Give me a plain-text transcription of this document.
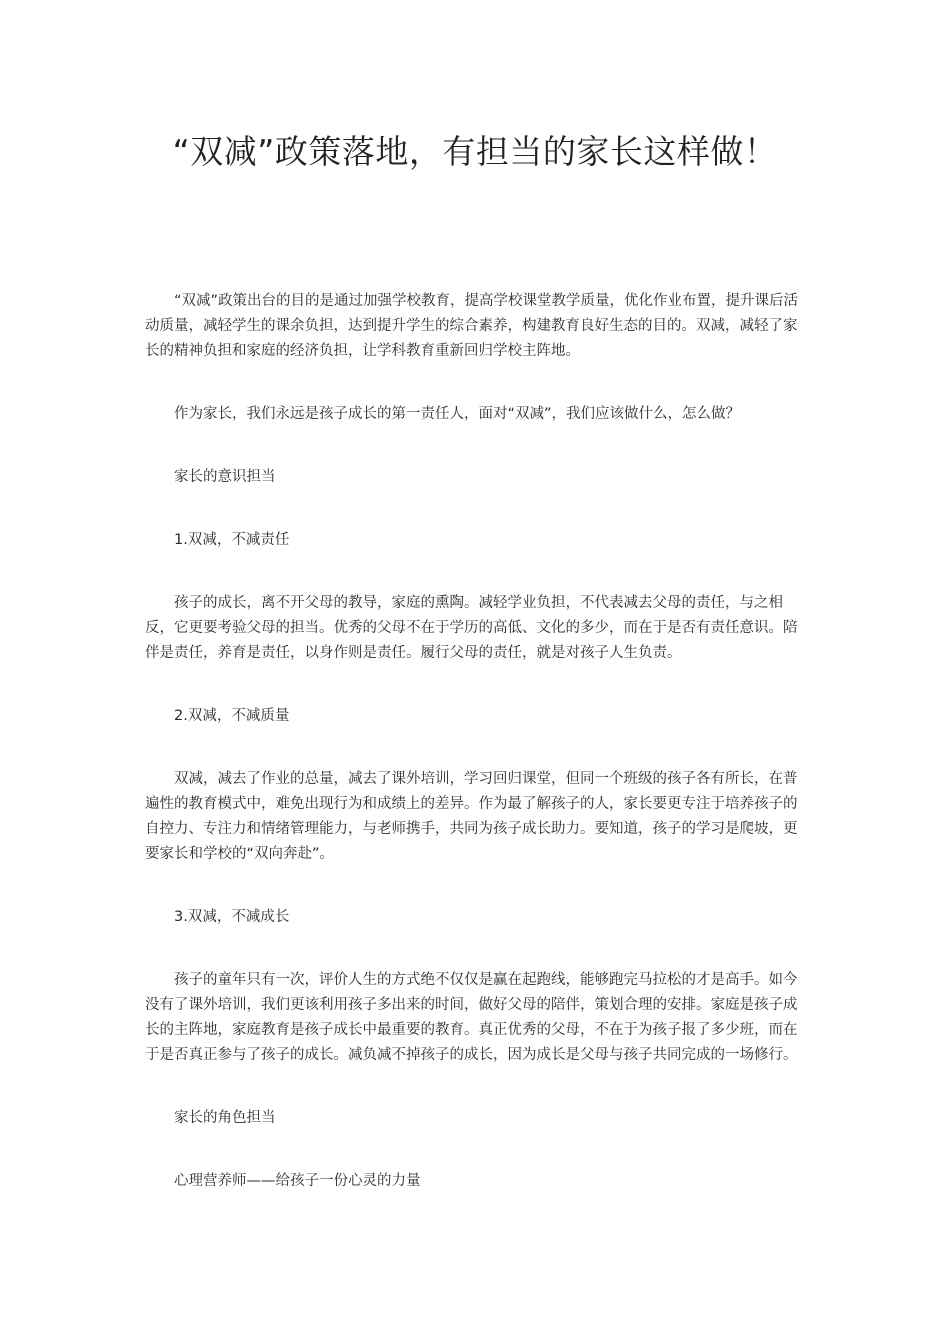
“双减”政策落地，有担当的家长这样做！

“双减”政策出台的目的是通过加强学校教育，提高学校课堂教学质量，优化作业布置，提升课后活动质量，减轻学生的课余负担，达到提升学生的综合素养，构建教育良好生态的目的。双减，减轻了家长的精神负担和家庭的经济负担，让学科教育重新回归学校主阵地。

作为家长，我们永远是孩子成长的第一责任人，面对“双减”，我们应该做什么，怎么做？

家长的意识担当

1.双减，不减责任

孩子的成长，离不开父母的教导，家庭的熏陶。减轻学业负担，不代表减去父母的责任，与之相反，它更要考验父母的担当。优秀的父母不在于学历的高低、文化的多少，而在于是否有责任意识。陪伴是责任，养育是责任，以身作则是责任。履行父母的责任，就是对孩子人生负责。

2.双减，不减质量

双减，减去了作业的总量，减去了课外培训，学习回归课堂，但同一个班级的孩子各有所长，在普遍性的教育模式中，难免出现行为和成绩上的差异。作为最了解孩子的人，家长要更专注于培养孩子的自控力、专注力和情绪管理能力，与老师携手，共同为孩子成长助力。要知道，孩子的学习是爬坡，更要家长和学校的“双向奔赴”。

3.双减，不减成长

孩子的童年只有一次，评价人生的方式绝不仅仅是赢在起跑线，能够跑完马拉松的才是高手。如今没有了课外培训，我们更该利用孩子多出来的时间，做好父母的陪伴，策划合理的安排。家庭是孩子成长的主阵地，家庭教育是孩子成长中最重要的教育。真正优秀的父母，不在于为孩子报了多少班，而在于是否真正参与了孩子的成长。减负减不掉孩子的成长，因为成长是父母与孩子共同完成的一场修行。

家长的角色担当

心理营养师——给孩子一份心灵的力量
